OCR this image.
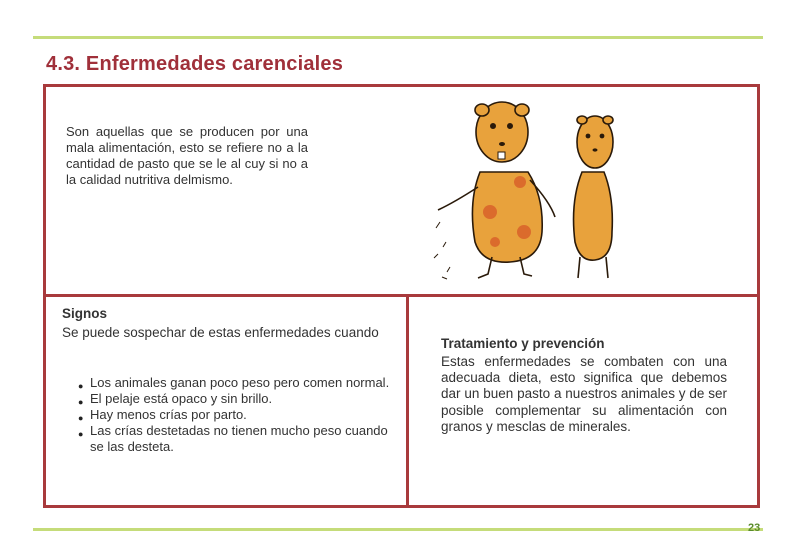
4.3. Enfermedades carenciales
Son aquellas que se producen por una mala alimentación, esto se refiere no a la cantidad de pasto que se le al cuy si no a la calidad nutritiva delmismo.
Signos
Se puede sospechar de estas enfermedades cuando
● Los animales ganan poco peso pero comen normal.
● El pelaje está opaco y sin brillo.
● Hay menos crías por parto.
● Las crías destetadas no tienen mucho peso cuando se las desteta.
Tratamiento y prevención
Estas enfermedades se combaten con una adecuada dieta, esto significa que debemos dar un buen pasto a nuestros animales y de ser posible complementar su alimentación con granos y mesclas de minerales.
23
